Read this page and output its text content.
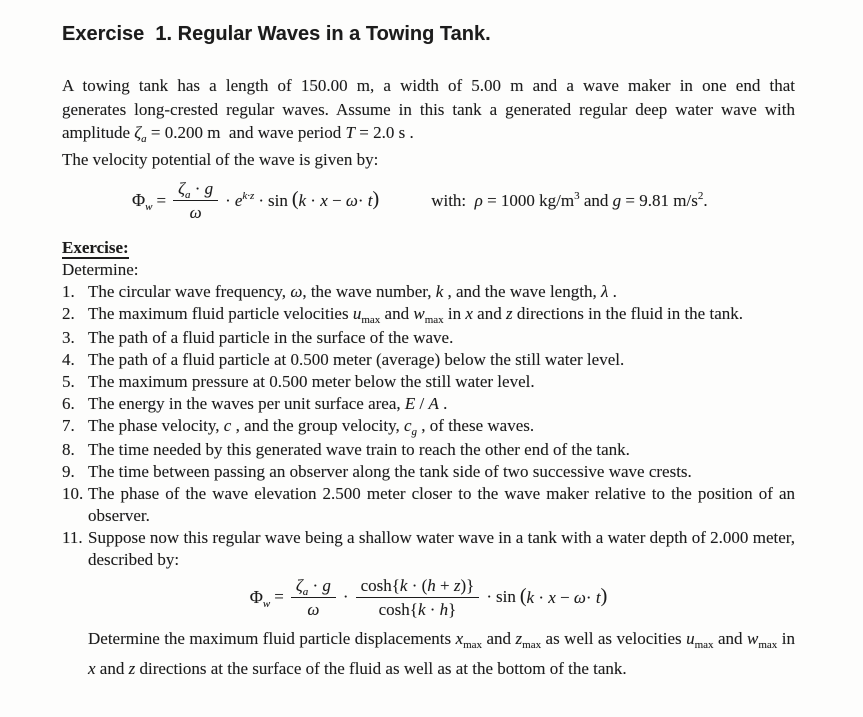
Exercise  1. Regular Waves in a Towing Tank.
A towing tank has a length of 150.00 m, a width of 5.00 m and a wave maker in one end that
generates long-crested regular waves. Assume in this tank a generated regular deep water wave with
amplitude $\zeta_a = 0.200$ m  and wave period T = 2.0 s .
The velocity potential of the wave is given by:
$\Phi_w = \frac{\zeta_a \cdot g}{\omega} \cdot e^{k\cdot z} \cdot \sin (k \cdot x - \omega\cdot t)$	with:  ρ = 1000 $kg/m^3$ and g = 9.81 $m/s^2$.
Exercise:
Determine:
1. The circular wave frequency, ω, the wave number, k , and the wave length, λ .
2. The maximum fluid particle velocities $u_{max}$ and $w_{max}$ in x and z directions in the fluid in the tank.
3. The path of a fluid particle in the surface of the wave.
4. The path of a fluid particle at 0.500 meter (average) below the still water level.
5. The maximum pressure at 0.500 meter below the still water level.
6. The energy in the waves per unit surface area, E / A .
7. The phase velocity, c , and the group velocity, $c_g$ , of these waves.
8. The time needed by this generated wave train to reach the other end of the tank.
9. The time between passing an observer along the tank side of two successive wave crests.
10. The phase of the wave elevation 2.500 meter closer to the wave maker relative to the position of an observer.
11. Suppose now this regular wave being a shallow water wave in a tank with a water depth of 2.000 meter, described by:
$\Phi_w = \frac{\zeta_a \cdot g}{\omega} \cdot \frac{\cosh\{k \cdot (h + z)\}}{\cosh\{k \cdot h\}} \cdot \sin (k \cdot x - \omega\cdot t)$
Determine the maximum fluid particle displacements $x_{max}$ and $z_{max}$ as well as velocities $u_{max}$ and $w_{max}$ in x and z directions at the surface of the fluid as well as at the bottom of the tank.
